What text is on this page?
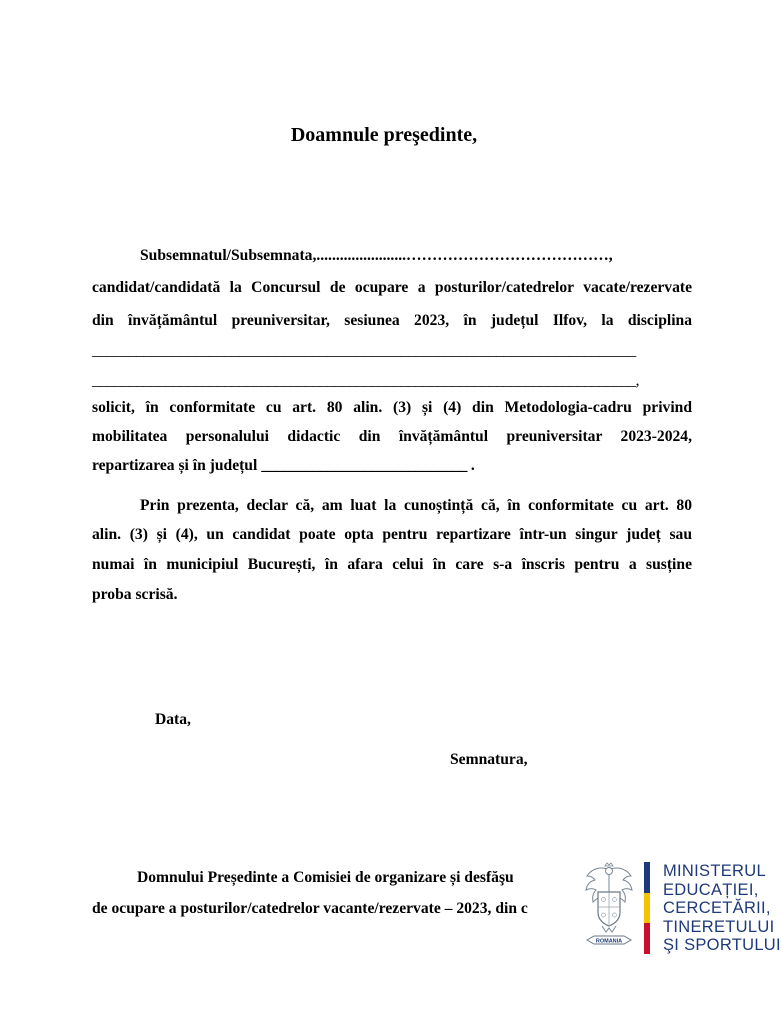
Doamnule preşedinte,

Subsemnatul/Subsemnata,.......................…………………………………,

candidat/candidată la Concursul de ocupare a posturilor/catedrelor vacate/rezervate

din învățământul preuniversitar, sesiunea 2023, în județul Ilfov, la disciplina

__________________________________________________________________________

__________________________________________________________________________,

solicit, în conformitate cu art. 80 alin. (3) și (4) din Metodologia-cadru privind

mobilitatea personalului didactic din învățământul preuniversitar 2023-2024,

repartizarea și în județul ____________________________ .

Prin prezenta, declar că, am luat la cunoștință că, în conformitate cu art. 80

alin. (3) și (4), un candidat poate opta pentru repartizare într-un singur județ sau

numai în municipiul București, în afara celui în care s-a înscris pentru a susține

proba scrisă.

Data,

Semnatura,

Domnului Președinte a Comisiei de organizare și desfăşu

de ocupare a posturilor/catedrelor vacante/rezervate – 2023, din c

ROMANIA

MINISTERUL
EDUCAȚIEI,
CERCETĂRII,
TINERETULUI
ŞI SPORTULUI
